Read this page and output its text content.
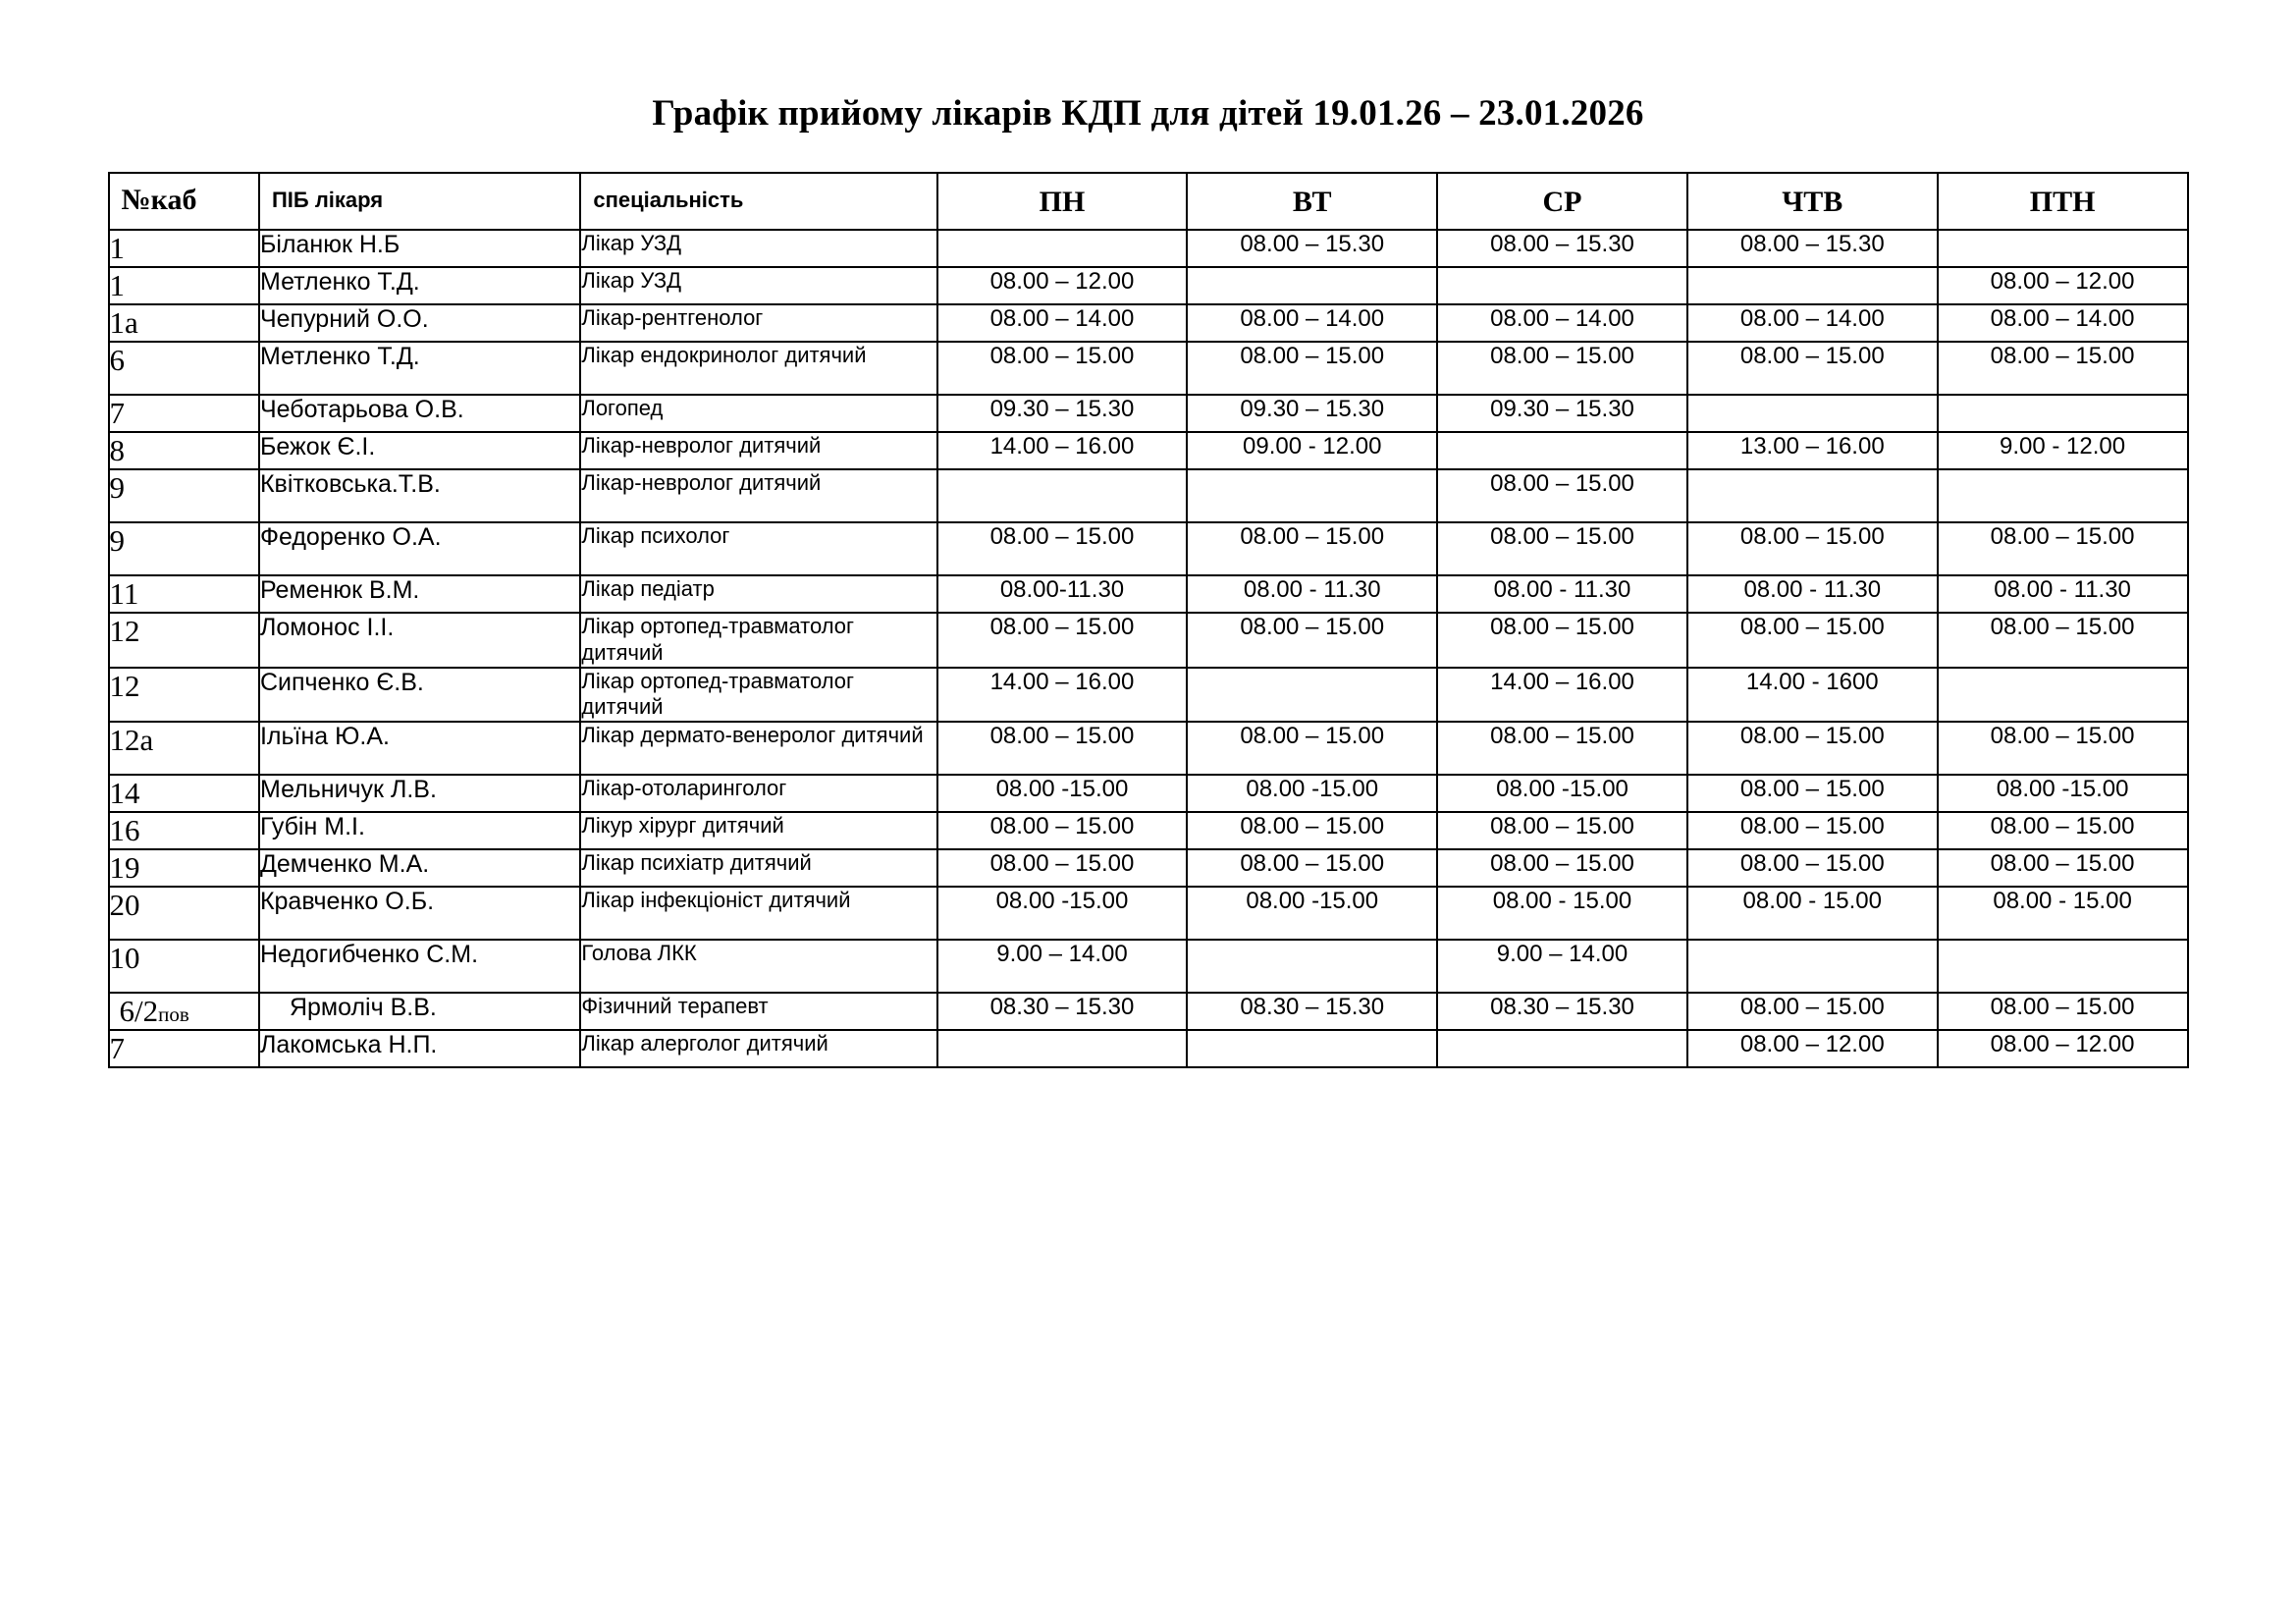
Графік прийому лікарів КДП для дітей 19.01.26 – 23.01.2026
№каб	ПІБ лікаря	спеціальність	ПН	ВТ	СР	ЧТВ	ПТН

1	Біланюк Н.Б	Лікар УЗД		08.00 – 15.30	08.00 – 15.30	08.00 – 15.30	
1	Метленко Т.Д.	Лікар УЗД	08.00 – 12.00				08.00 – 12.00
1а	Чепурний О.О.	Лікар-рентгенолог	08.00 – 14.00	08.00 – 14.00	08.00 – 14.00	08.00 – 14.00	08.00 – 14.00
6	Метленко Т.Д.	Лікар ендокринолог дитячий	08.00 – 15.00	08.00 – 15.00	08.00 – 15.00	08.00 – 15.00	08.00 – 15.00
7	Чеботарьова О.В.	Логопед	09.30 – 15.30	09.30 – 15.30	09.30 – 15.30		
8	Бежок Є.І.	Лікар-невролог дитячий	14.00 – 16.00	09.00 - 12.00		13.00 – 16.00	9.00 - 12.00
9	Квітковська.Т.В.	Лікар-невролог дитячий			08.00 – 15.00		
9	Федоренко О.А.	Лікар психолог	08.00 – 15.00	08.00 – 15.00	08.00 – 15.00	08.00 – 15.00	08.00 – 15.00
11	Ременюк В.М.	Лікар педіатр	08.00-11.30	08.00 - 11.30	08.00 - 11.30	08.00 - 11.30	08.00 - 11.30
12	Ломонос І.І.	Лікар ортопед-травматолог дитячий	08.00 – 15.00	08.00 – 15.00	08.00 – 15.00	08.00 – 15.00	08.00 – 15.00
12	Сипченко Є.В.	Лікар ортопед-травматолог дитячий	14.00 – 16.00		14.00 – 16.00	14.00 - 1600	
12а	Ільїна Ю.А.	Лікар дермато-венеролог дитячий	08.00 – 15.00	08.00 – 15.00	08.00 – 15.00	08.00 – 15.00	08.00 – 15.00
14	Мельничук Л.В.	Лікар-отоларинголог	08.00 -15.00	08.00 -15.00	08.00 -15.00	08.00 – 15.00	08.00 -15.00
16	Губін М.І.	Лікур хірург дитячий	08.00 – 15.00	08.00 – 15.00	08.00 – 15.00	08.00 – 15.00	08.00 – 15.00
19	Демченко М.А.	Лікар психіатр дитячий	08.00 – 15.00	08.00 – 15.00	08.00 – 15.00	08.00 – 15.00	08.00 – 15.00
20	Кравченко О.Б.	Лікар інфекціоніст дитячий	08.00 -15.00	08.00 -15.00	08.00 - 15.00	08.00 - 15.00	08.00 - 15.00
10	Недогибченко С.М.	Голова ЛКК	9.00 – 14.00		9.00 – 14.00		
6/2пов	Ярмоліч В.В.	Фізичний терапевт	08.30 – 15.30	08.30 – 15.30	08.30 – 15.30	08.00 – 15.00	08.00 – 15.00
7	Лакомська Н.П.	Лікар алерголог дитячий				08.00 – 12.00	08.00 – 12.00
